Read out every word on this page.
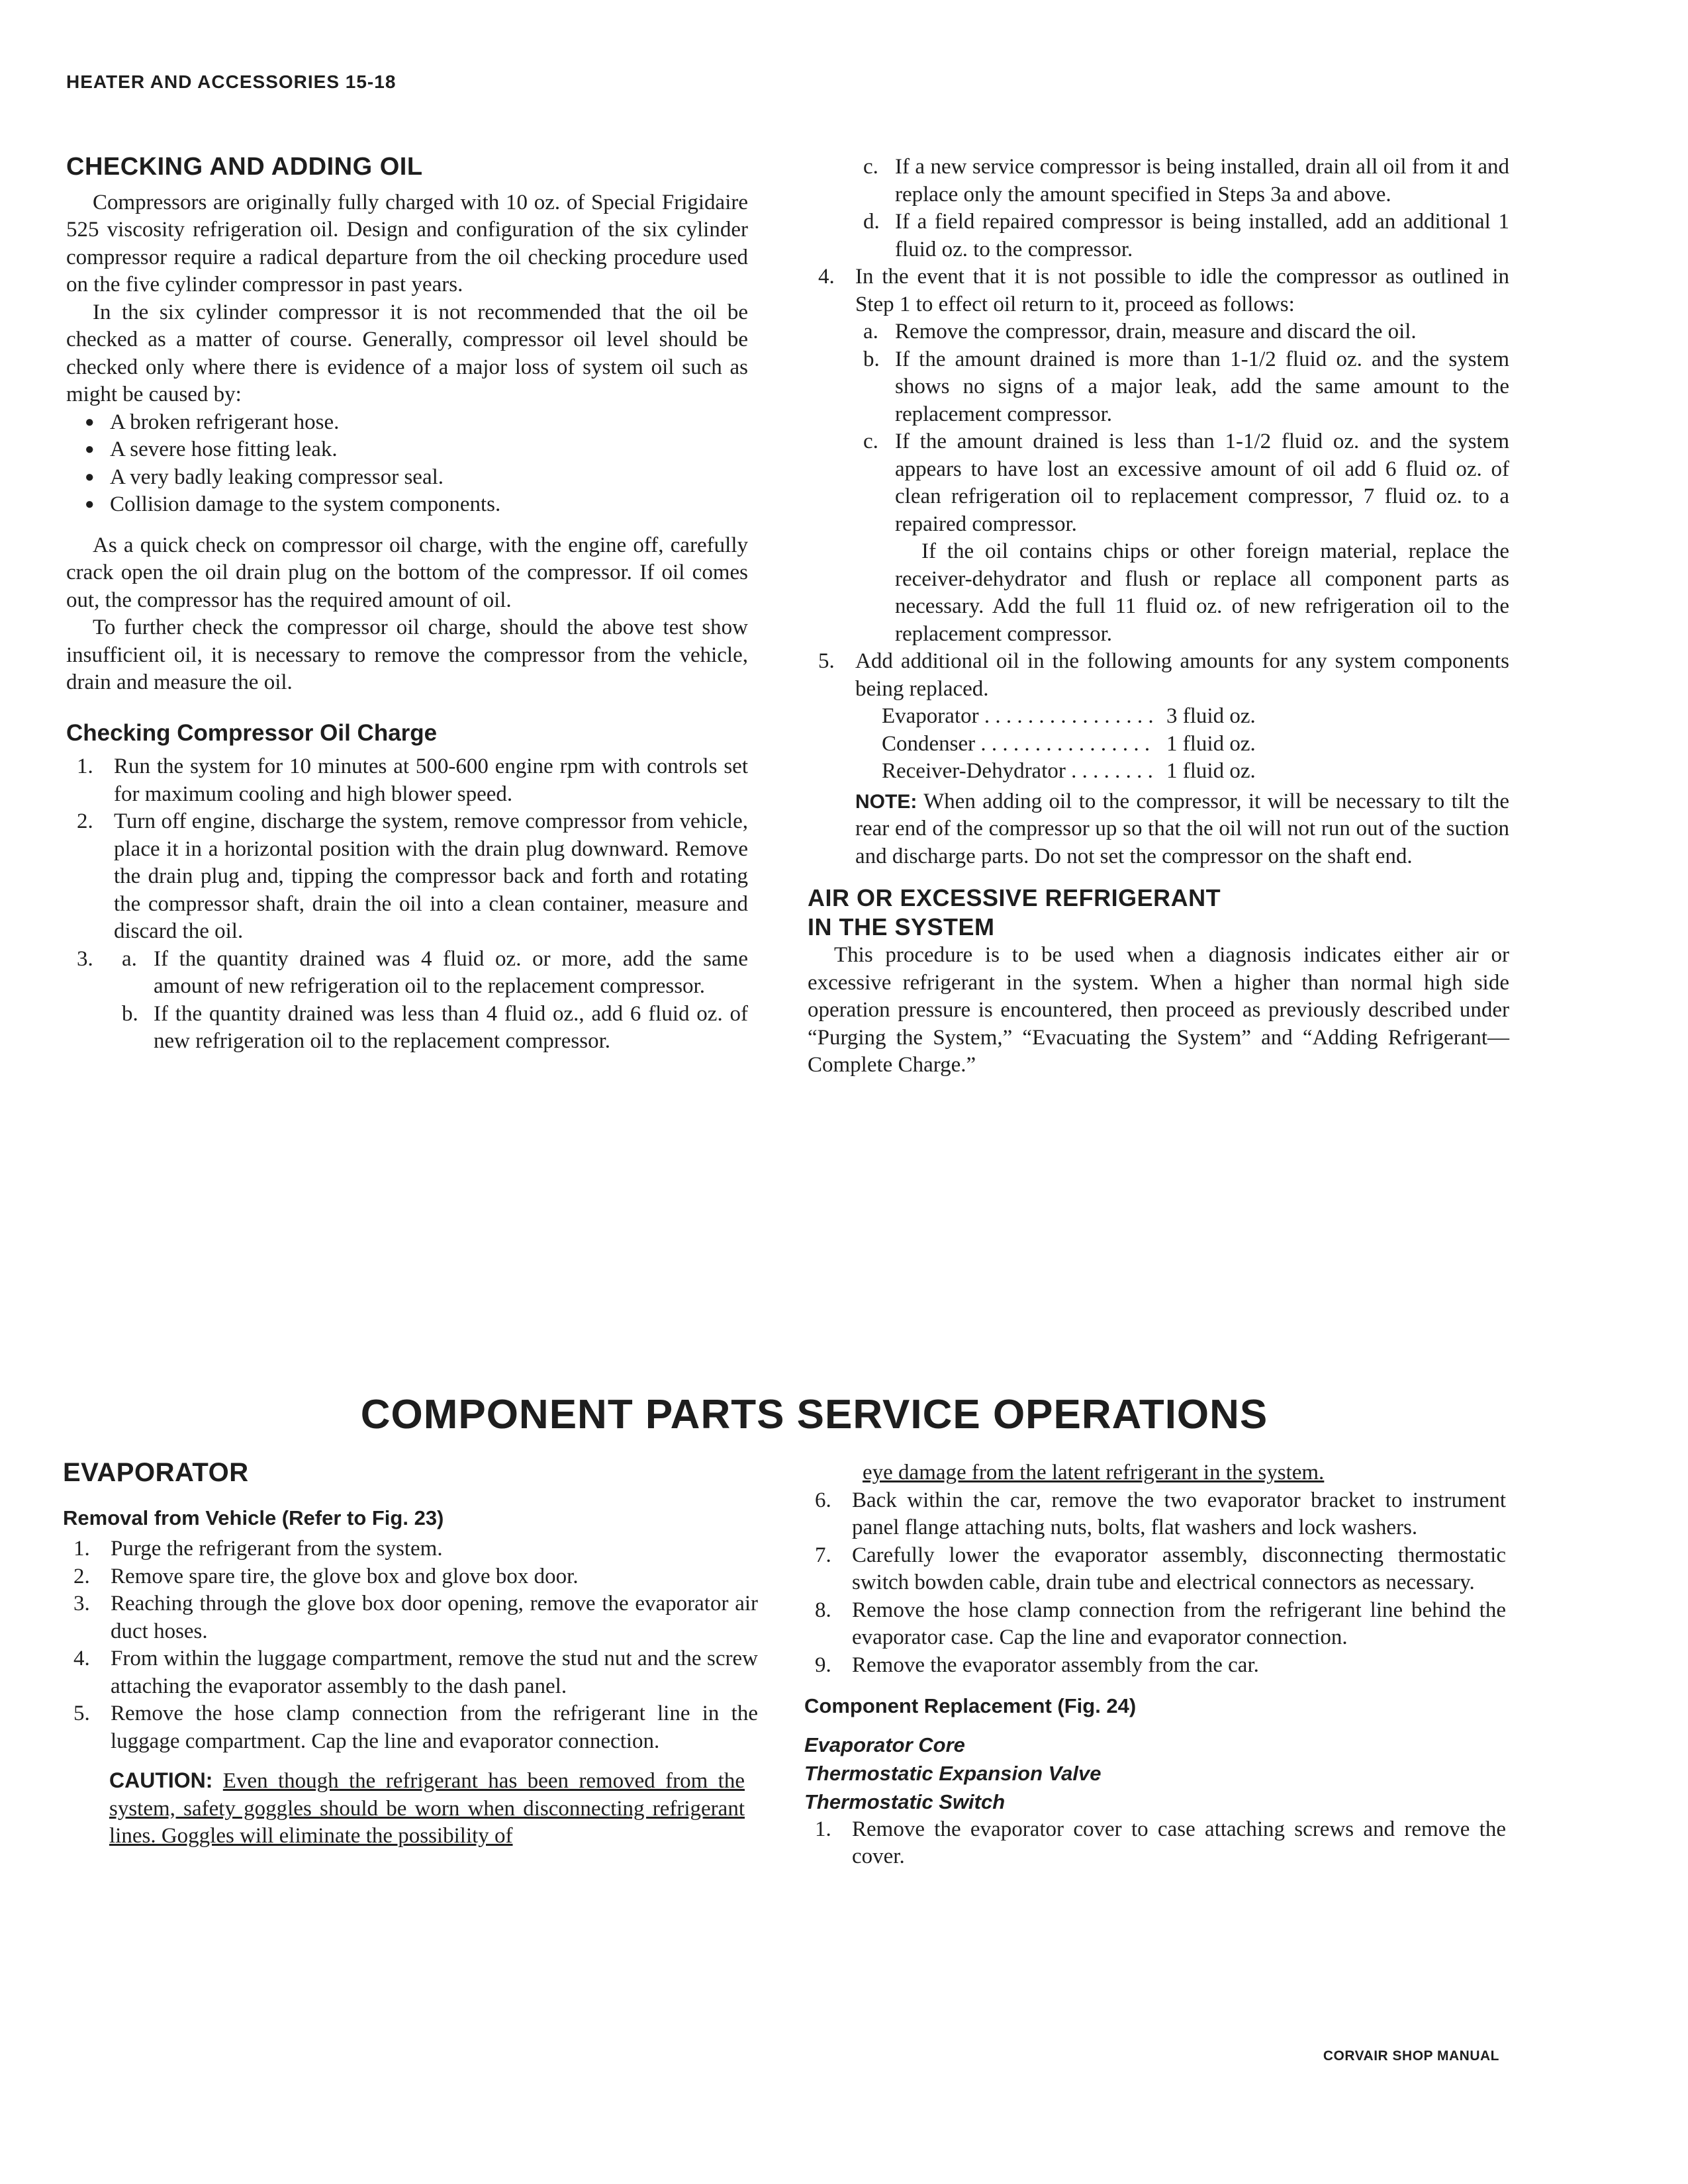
HEATER AND ACCESSORIES 15-18
CHECKING AND ADDING OIL

Compressors are originally fully charged with 10 oz. of Special Frigidaire 525 viscosity refrigeration oil. Design and configuration of the six cylinder compressor require a radical departure from the oil checking procedure used on the five cylinder compressor in past years.

In the six cylinder compressor it is not recommended that the oil be checked as a matter of course. Generally, compressor oil level should be checked only where there is evidence of a major loss of system oil such as might be caused by:

● A broken refrigerant hose.
● A severe hose fitting leak.
● A very badly leaking compressor seal.
● Collision damage to the system components.

As a quick check on compressor oil charge, with the engine off, carefully crack open the oil drain plug on the bottom of the compressor. If oil comes out, the compressor has the required amount of oil.

To further check the compressor oil charge, should the above test show insufficient oil, it is necessary to remove the compressor from the vehicle, drain and measure the oil.

Checking Compressor Oil Charge
1. Run the system for 10 minutes at 500-600 engine rpm with controls set for maximum cooling and high blower speed.
2. Turn off engine, discharge the system, remove compressor from vehicle, place it in a horizontal position with the drain plug downward. Remove the drain plug and, tipping the compressor back and forth and rotating the compressor shaft, drain the oil into a clean container, measure and discard the oil.
3. a. If the quantity drained was 4 fluid oz. or more, add the same amount of new refrigeration oil to the replacement compressor.
b. If the quantity drained was less than 4 fluid oz., add 6 fluid oz. of new refrigeration oil to the replacement compressor.
c. If a new service compressor is being installed, drain all oil from it and replace only the amount specified in Steps 3a and above.
d. If a field repaired compressor is being installed, add an additional 1 fluid oz. to the compressor.
4. In the event that it is not possible to idle the compressor as outlined in Step 1 to effect oil return to it, proceed as follows:
a. Remove the compressor, drain, measure and discard the oil.
b. If the amount drained is more than 1-1/2 fluid oz. and the system shows no signs of a major leak, add the same amount to the replacement compressor.
c. If the amount drained is less than 1-1/2 fluid oz. and the system appears to have lost an excessive amount of oil add 6 fluid oz. of clean refrigeration oil to replacement compressor, 7 fluid oz. to a repaired compressor.

If the oil contains chips or other foreign material, replace the receiver-dehydrator and flush or replace all component parts as necessary. Add the full 11 fluid oz. of new refrigeration oil to the replacement compressor.

5. Add additional oil in the following amounts for any system components being replaced.
Evaporator . . . . . . . . . . . . . . . . 3 fluid oz.
Condenser . . . . . . . . . . . . . . . . 1 fluid oz.
Receiver-Dehydrator . . . . . . . . 1 fluid oz.

NOTE: When adding oil to the compressor, it will be necessary to tilt the rear end of the compressor up so that the oil will not run out of the suction and discharge parts. Do not set the compressor on the shaft end.

AIR OR EXCESSIVE REFRIGERANT
IN THE SYSTEM

This procedure is to be used when a diagnosis indicates either air or excessive refrigerant in the system. When a higher than normal high side operation pressure is encountered, then proceed as previously described under “Purging the System,” “Evacuating the System” and “Adding Refrigerant—Complete Charge.”

COMPONENT PARTS SERVICE OPERATIONS
EVAPORATOR
Removal from Vehicle (Refer to Fig. 23)
1. Purge the refrigerant from the system.
2. Remove spare tire, the glove box and glove box door.
3. Reaching through the glove box door opening, remove the evaporator air duct hoses.
4. From within the luggage compartment, remove the stud nut and the screw attaching the evaporator assembly to the dash panel.
5. Remove the hose clamp connection from the refrigerant line in the luggage compartment. Cap the line and evaporator connection.

CAUTION: Even though the refrigerant has been removed from the system, safety goggles should be worn when disconnecting refrigerant lines. Goggles will eliminate the possibility of

eye damage from the latent refrigerant in the system.

6. Back within the car, remove the two evaporator bracket to instrument panel flange attaching nuts, bolts, flat washers and lock washers.
7. Carefully lower the evaporator assembly, disconnecting thermostatic switch bowden cable, drain tube and electrical connectors as necessary.
8. Remove the hose clamp connection from the refrigerant line behind the evaporator case. Cap the line and evaporator connection.
9. Remove the evaporator assembly from the car.
Component Replacement (Fig. 24)
Evaporator Core
Thermostatic Expansion Valve
Thermostatic Switch
1. Remove the evaporator cover to case attaching screws and remove the cover.
CORVAIR SHOP MANUAL
